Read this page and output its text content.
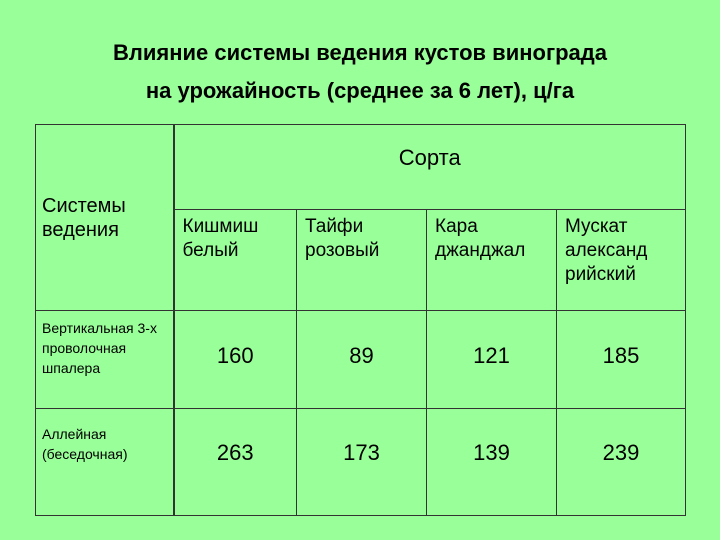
Влияние системы ведения кустов винограда
на урожайность (среднее за 6 лет), ц/га
Системы ведения	Сорта			
	Кишмиш белый	Тайфи розовый	Кара джанджал	Мускат александ рийский
Вертикальная 3-х проволочная шпалера	160	89	121	185
Аллейная (беседочная)	263	173	139	239
